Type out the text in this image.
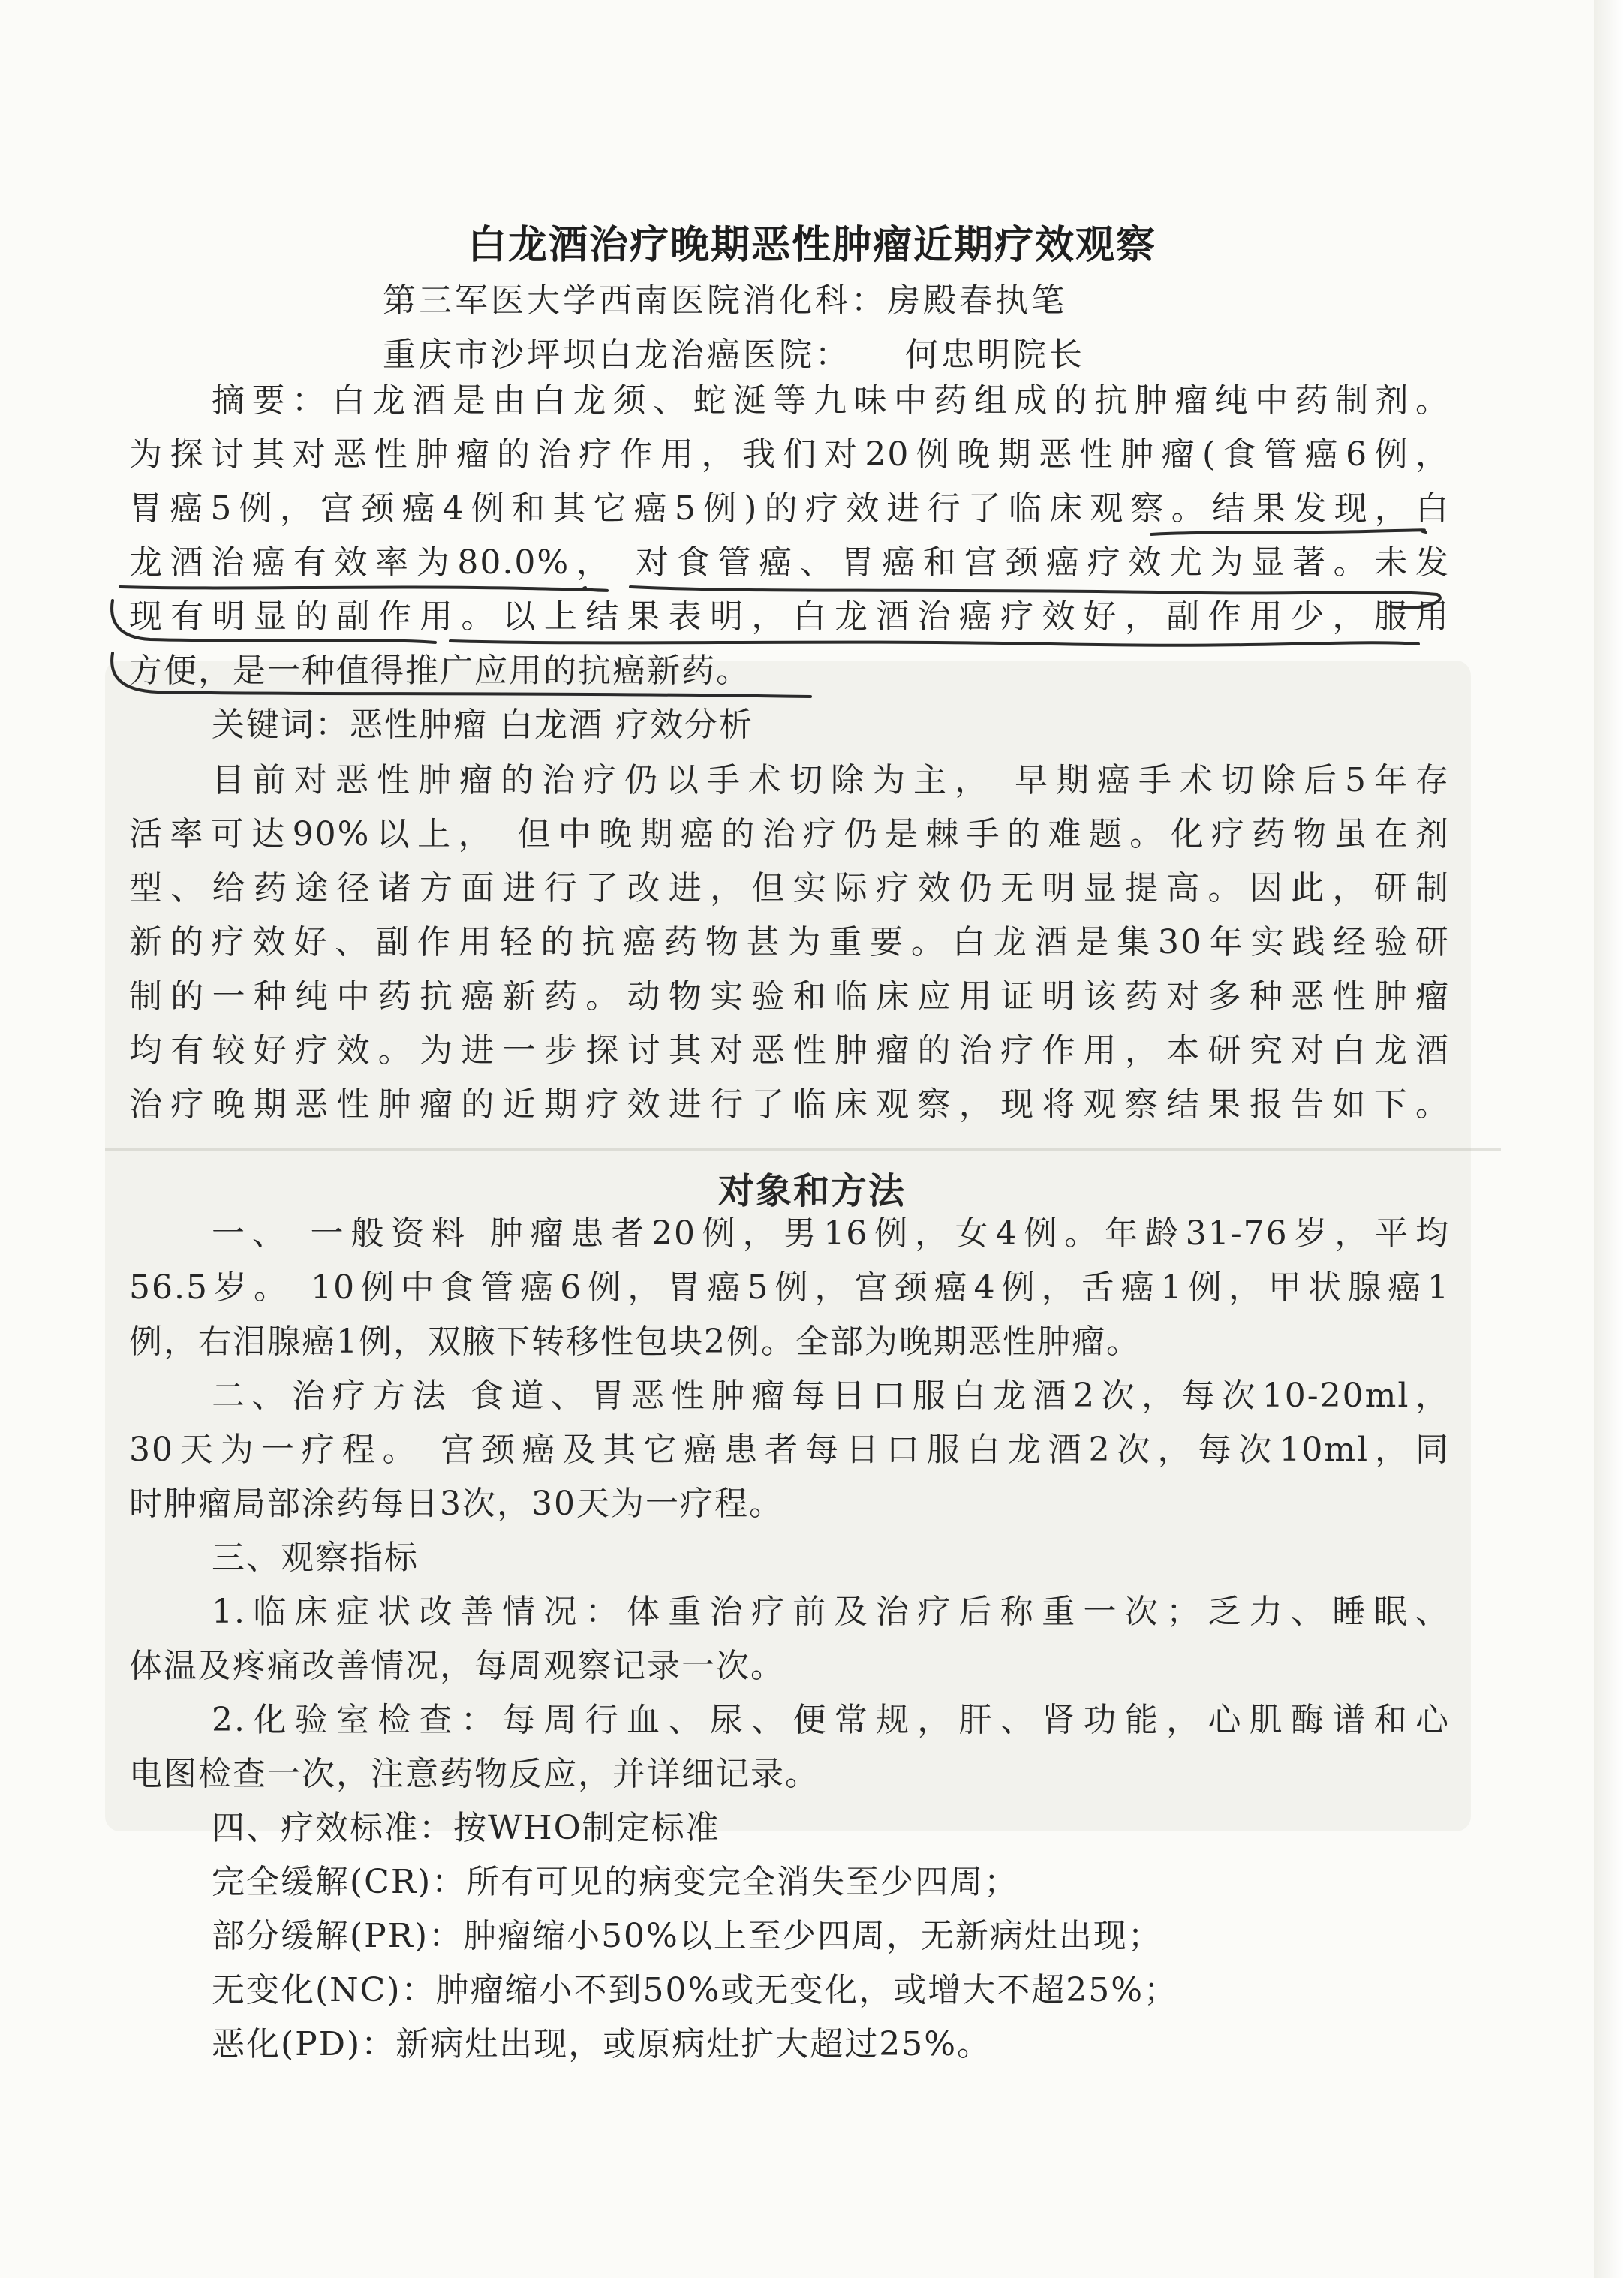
白龙酒治疗晚期恶性肿瘤近期疗效观察
第三军医大学西南医院消化科：房殿春执笔
重庆市沙坪坝白龙治癌医院：    何忠明院长
摘要：白龙酒是由白龙须、蛇涎等九味中药组成的抗肿瘤纯中药制剂。
为探讨其对恶性肿瘤的治疗作用，我们对20例晚期恶性肿瘤(食管癌6例，
胃癌5例，宫颈癌4例和其它癌5例)的疗效进行了临床观察。结果发现，白
龙酒治癌有效率为80.0%， 对食管癌、胃癌和宫颈癌疗效尤为显著。未发
现有明显的副作用。以上结果表明，白龙酒治癌疗效好，副作用少，服用
方便，是一种值得推广应用的抗癌新药。
关键词：恶性肿瘤 白龙酒 疗效分析
目前对恶性肿瘤的治疗仍以手术切除为主， 早期癌手术切除后5年存
活率可达90%以上， 但中晚期癌的治疗仍是棘手的难题。化疗药物虽在剂
型、给药途径诸方面进行了改进，但实际疗效仍无明显提高。因此，研制
新的疗效好、副作用轻的抗癌药物甚为重要。白龙酒是集30年实践经验研
制的一种纯中药抗癌新药。动物实验和临床应用证明该药对多种恶性肿瘤
均有较好疗效。为进一步探讨其对恶性肿瘤的治疗作用，本研究对白龙酒
治疗晚期恶性肿瘤的近期疗效进行了临床观察，现将观察结果报告如下。
对象和方法
一、 一般资料 肿瘤患者20例，男16例，女4例。年龄31-76岁，平均
56.5岁。 10例中食管癌6例，胃癌5例，宫颈癌4例，舌癌1例，甲状腺癌1
例，右泪腺癌1例，双腋下转移性包块2例。全部为晚期恶性肿瘤。
二、治疗方法 食道、胃恶性肿瘤每日口服白龙酒2次，每次10-20ml，
30天为一疗程。 宫颈癌及其它癌患者每日口服白龙酒2次，每次10ml，同
时肿瘤局部涂药每日3次，30天为一疗程。
三、观察指标
1.临床症状改善情况：体重治疗前及治疗后称重一次；乏力、睡眠、
体温及疼痛改善情况，每周观察记录一次。
2.化验室检查：每周行血、尿、便常规，肝、肾功能，心肌酶谱和心
电图检查一次，注意药物反应，并详细记录。
四、疗效标准：按WHO制定标准
完全缓解(CR)：所有可见的病变完全消失至少四周；
部分缓解(PR)：肿瘤缩小50%以上至少四周，无新病灶出现；
无变化(NC)：肿瘤缩小不到50%或无变化，或增大不超25%；
恶化(PD)：新病灶出现，或原病灶扩大超过25%。
